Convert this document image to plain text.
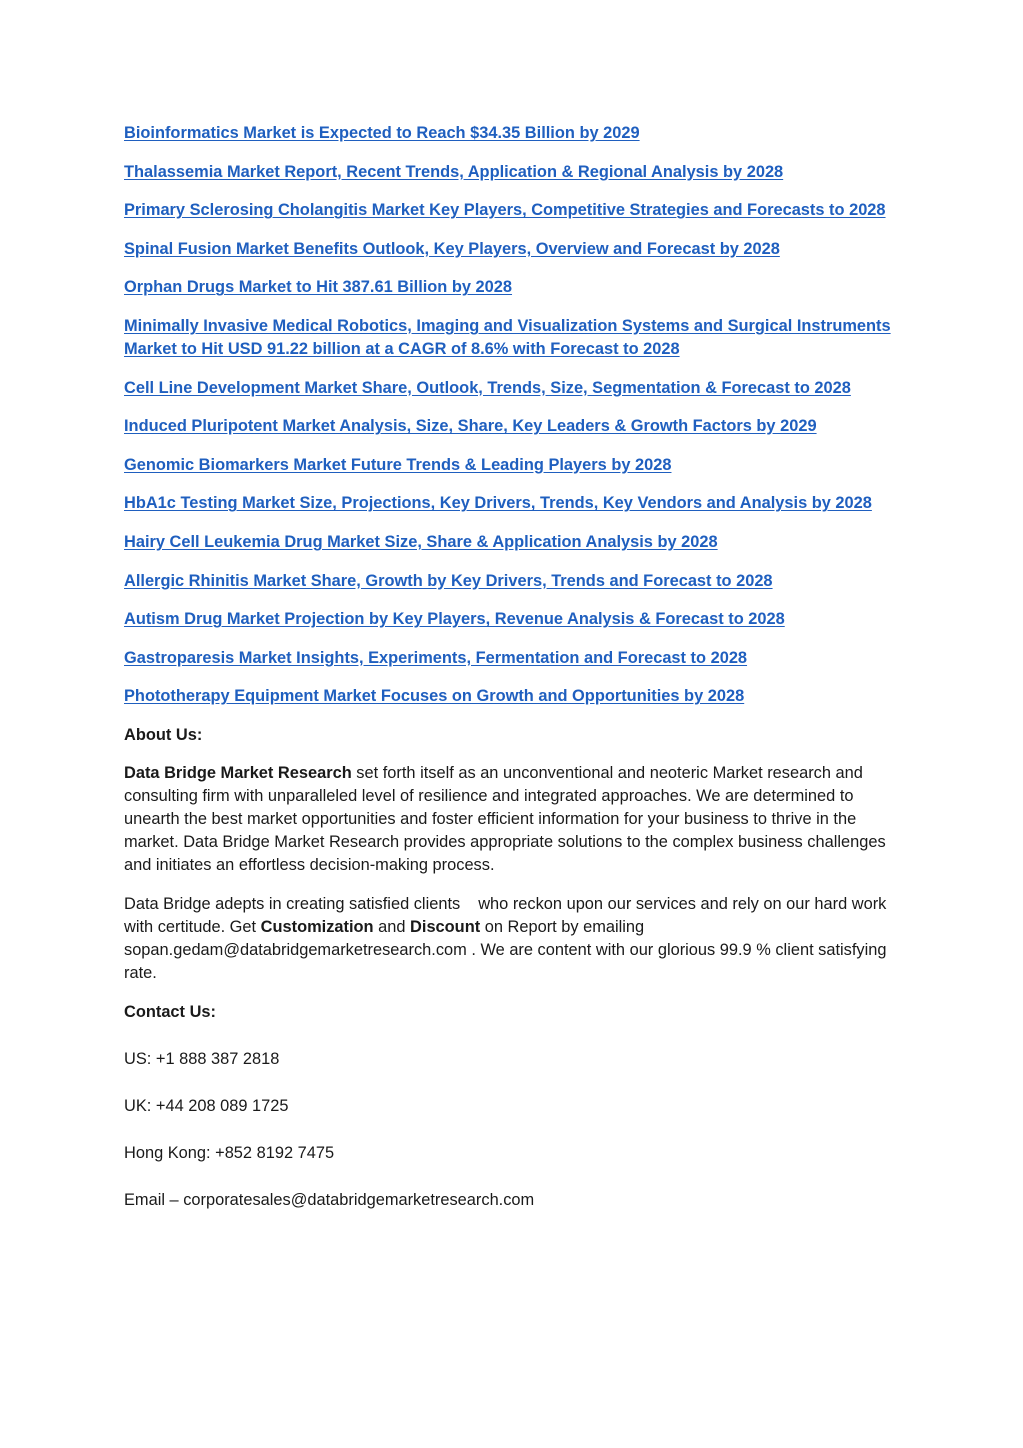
Bioinformatics Market is Expected to Reach $34.35 Billion by 2029
Thalassemia Market Report, Recent Trends, Application & Regional Analysis by 2028
Primary Sclerosing Cholangitis Market Key Players, Competitive Strategies and Forecasts to 2028
Spinal Fusion Market Benefits Outlook, Key Players, Overview and Forecast by 2028
Orphan Drugs Market to Hit 387.61 Billion by 2028
Minimally Invasive Medical Robotics, Imaging and Visualization Systems and Surgical Instruments Market to Hit USD 91.22 billion at a CAGR of 8.6% with Forecast to 2028
Cell Line Development Market Share, Outlook, Trends, Size, Segmentation & Forecast to 2028
Induced Pluripotent Market Analysis, Size, Share, Key Leaders & Growth Factors by 2029
Genomic Biomarkers Market Future Trends & Leading Players by 2028
HbA1c Testing Market Size, Projections, Key Drivers, Trends, Key Vendors and Analysis by 2028
Hairy Cell Leukemia Drug Market Size, Share & Application Analysis by 2028
Allergic Rhinitis Market Share, Growth by Key Drivers, Trends and Forecast to 2028
Autism Drug Market Projection by Key Players, Revenue Analysis & Forecast to 2028
Gastroparesis Market Insights, Experiments, Fermentation and Forecast to 2028
Phototherapy Equipment Market Focuses on Growth and Opportunities by 2028
About Us:

Data Bridge Market Research set forth itself as an unconventional and neoteric Market research and consulting firm with unparalleled level of resilience and integrated approaches. We are determined to unearth the best market opportunities and foster efficient information for your business to thrive in the market. Data Bridge Market Research provides appropriate solutions to the complex business challenges and initiates an effortless decision-making process.

Data Bridge adepts in creating satisfied clients who reckon upon our services and rely on our hard work with certitude. Get Customization and Discount on Report by emailing sopan.gedam@databridgemarketresearch.com . We are content with our glorious 99.9 % client satisfying rate.

Contact Us:
US: +1 888 387 2818
UK: +44 208 089 1725
Hong Kong: +852 8192 7475
Email – corporatesales@databridgemarketresearch.com
